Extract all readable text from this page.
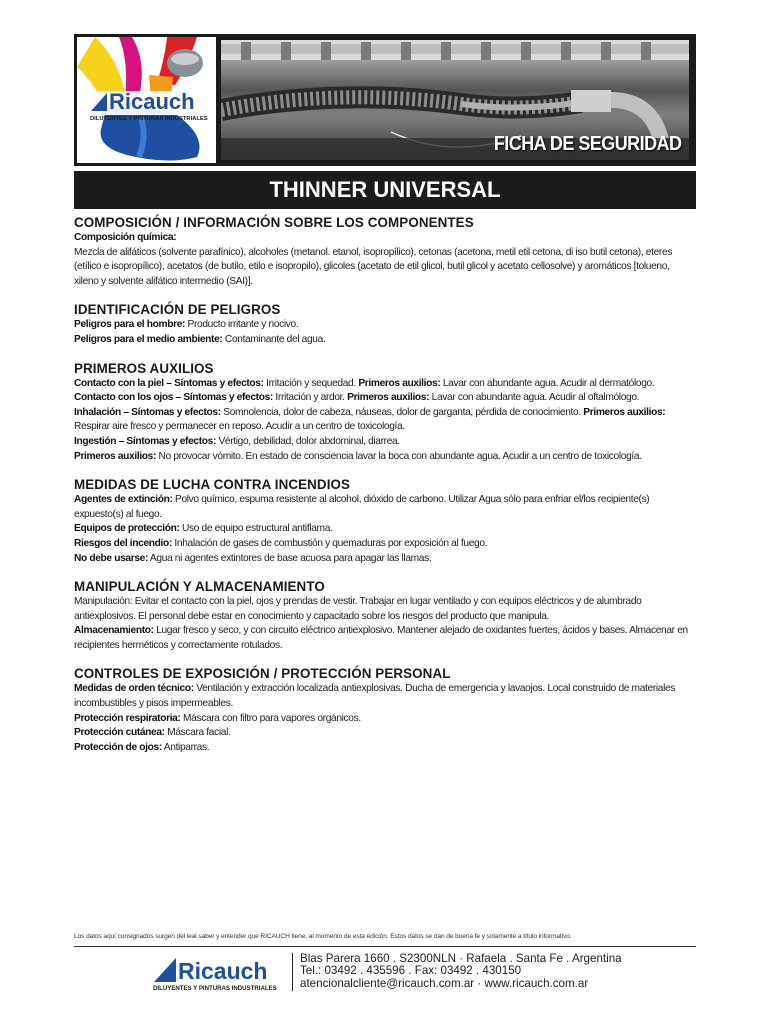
Ricauch
DILUYENTES Y PINTURAS INDUSTRIALES
FICHA DE SEGURIDAD
THINNER UNIVERSAL
COMPOSICIÓN / INFORMACIÓN SOBRE LOS COMPONENTES

Composición química:

Mezcla de alifáticos (solvente parafínico), alcoholes (metanol. etanol, isopropílico), cetonas (acetona, metil etil cetona, di iso butil cetona), eteres (etílico e isopropílico), acetatos (de butilo, etilo e isopropilo), glicoles (acetato de etil glicol, butil glicol y acetato cellosolve) y aromáticos [tolueno, xileno y solvente alifático intermedio (SAI)].

IDENTIFICACIÓN DE PELIGROS

Peligros para el hombre: Producto irritante y nocivo.

Peligros para el medio ambiente: Contaminante del agua.

PRIMEROS AUXILIOS

Contacto con la piel – Síntomas y efectos: Irritación y sequedad. Primeros auxilios: Lavar con abundante agua. Acudir al dermatólogo.

Contacto con los ojos – Síntomas y efectos: Irritación y ardor. Primeros auxilios: Lavar con abundante agua. Acudir al oftalmólogo.

Inhalación – Síntomas y efectos: Somnolencia, dolor de cabeza, náuseas, dolor de garganta, pérdida de conocimiento. Primeros auxilios: Respirar aire fresco y permanecer en reposo. Acudir a un centro de toxicología.

Ingestión – Síntomas y efectos: Vértigo, debilidad, dolor abdominal, diarrea.

Primeros auxilios: No provocar vómito. En estado de consciencia lavar la boca con abundante agua. Acudir a un centro de toxicología.

MEDIDAS DE LUCHA CONTRA INCENDIOS

Agentes de extinción: Polvo químico, espuma resistente al alcohol, dióxido de carbono. Utilizar Agua sólo para enfriar el/los recipiente(s) expuesto(s) al fuego.

Equipos de protección: Uso de equipo estructural antiflama.

Riesgos del incendio: Inhalación de gases de combustión y quemaduras por exposición al fuego.

No debe usarse: Agua ni agentes extintores de base acuosa para apagar las llamas.

MANIPULACIÓN Y ALMACENAMIENTO

Manipulación: Evitar el contacto con la piel, ojos y prendas de vestir. Trabajar en lugar ventilado y con equipos eléctricos y de alumbrado antiexplosivos. El personal debe estar en conocimiento y capacitado sobre los riesgos del producto que manipula.

Almacenamiento: Lugar fresco y seco, y con circuito eléctrico antiexplosivo. Mantener alejado de oxidantes fuertes, ácidos y bases. Almacenar en recipientes herméticos y correctamente rotulados.

CONTROLES DE EXPOSICIÓN / PROTECCIÓN PERSONAL

Medidas de orden técnico: Ventilación y extracción localizada antiexplosivas. Ducha de emergencia y lavaojos. Local construido de materiales incombustibles y pisos impermeables.

Protección respiratoria: Máscara con filtro para vapores orgánicos.

Protección cutánea: Máscara facial.

Protección de ojos: Antiparras.

Los datos aquí consignados surgen del leal saber y entender que RICAUCH tiene, al momento de esta edición. Estos datos se dan de buena fe y solamente a título informativo.
Ricauch
DILUYENTES Y PINTURAS INDUSTRIALES
Blas Parera 1660 . S2300NLN · Rafaela . Santa Fe . Argentina
Tel.: 03492 . 435596 . Fax: 03492 . 430150
atencionalcliente@ricauch.com.ar · www.ricauch.com.ar
